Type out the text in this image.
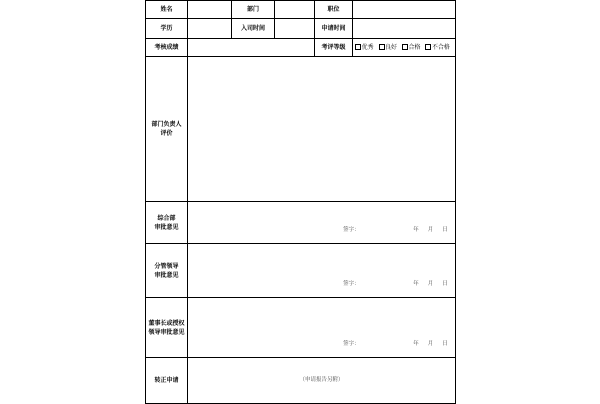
姓名		部门		职位	
学历		入司时间		申请时间	
考核成绩				考评等级	优秀 良好 合格 不合格
部门负责人
评价					
综合部
审批意见	签字： 年 月 日				

分管领导
审批意见	签字： 年 月 日				

董事长或授权
领导审批意见	签字： 年 月 日				

转正申请	（申请报告另附）				
